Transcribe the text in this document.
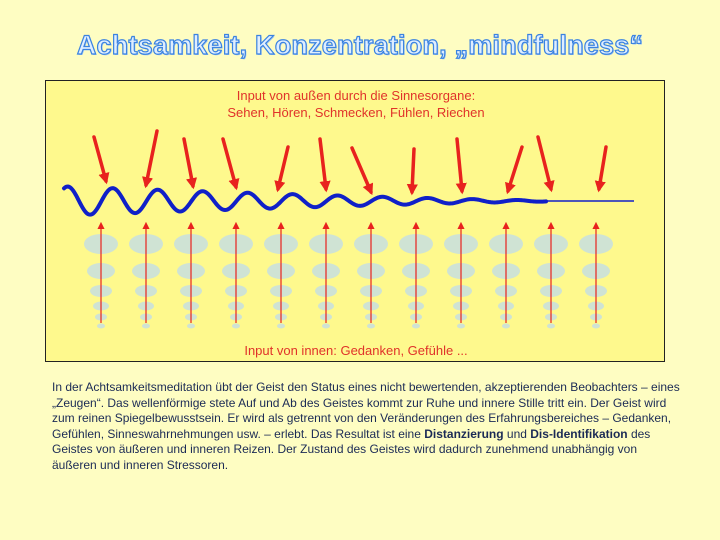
Achtsamkeit, Konzentration, „mindfulness“
Input von außen durch die Sinnesorgane:
Sehen, Hören, Schmecken, Fühlen, Riechen
Input von innen: Gedanken, Gefühle ...
In der Achtsamkeitsmeditation übt der Geist den Status eines nicht bewertenden, akzeptierenden Beobachters – eines „Zeugen“. Das wellenförmige stete Auf und Ab des Geistes kommt zur Ruhe und innere Stille tritt ein. Der Geist wird zum reinen Spiegelbewusstsein. Er wird als getrennt von den Veränderungen des Erfahrungsbereiches – Gedanken, Gefühlen, Sinneswahrnehmungen usw. – erlebt. Das Resultat ist eine Distanzierung und Dis-Identifikation des Geistes von äußeren und inneren Reizen. Der Zustand des Geistes wird dadurch zunehmend unabhängig von äußeren und inneren Stressoren.
